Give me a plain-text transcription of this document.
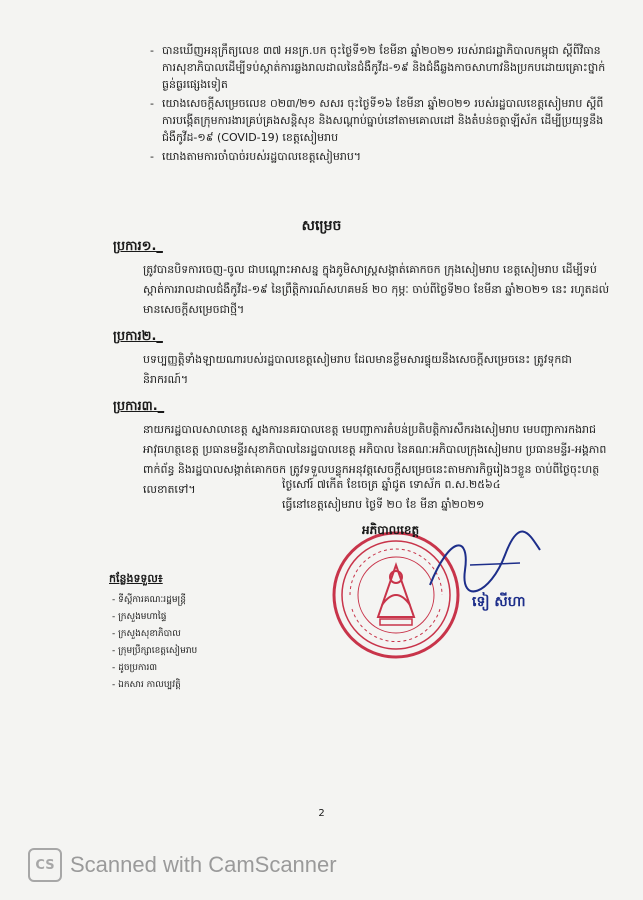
- បានឃើញអនុក្រឹត្យលេខ ៣៧ អនក្រ.បក ចុះថ្ងៃទី១២ ខែមីនា ឆ្នាំ២០២១ របស់រាជរដ្ឋាភិបាលកម្ពុជា ស្តីពីវិធានការសុខាភិបាលដើម្បីទប់ស្កាត់ការឆ្លងរាលដាលនៃជំងឺកូវីដ-១៩ និងជំងឺឆ្លងកាចសាហាវនិងប្រកបដោយគ្រោះថ្នាក់ធ្ងន់ធ្ងរផ្សេងទៀត
- យោងសេចក្តីសម្រេចលេខ ០២៣/២១ សសរ ចុះថ្ងៃទី១៦ ខែមីនា ឆ្នាំ២០២១ របស់រដ្ឋបាលខេត្តសៀមរាប ស្តីពីការបង្កើតក្រុមការងារគ្រប់គ្រងសន្តិសុខ និងសណ្តាប់ធ្នាប់នៅតាមគោលដៅ និងតំបន់ចត្តាឡីស័ក ដើម្បីប្រយុទ្ធនឹងជំងឺកូវីដ-១៩ (COVID-19) ខេត្តសៀមរាប
- យោងតាមការចាំបាច់របស់រដ្ឋបាលខេត្តសៀមរាប។
សម្រេច
ប្រការ១._
ត្រូវបានបិទការចេញ-ចូល ជាបណ្តោះអាសន្ន ក្នុងភូមិសាស្ត្រសង្កាត់គោកចក ក្រុងសៀមរាប ខេត្តសៀមរាប ដើម្បីទប់ស្កាត់ការរាលដាលជំងឺកូវីដ-១៩ នៃព្រឹត្តិការណ៍សហគមន៍ ២០ កុម្ភៈ ចាប់ពីថ្ងៃទី២០ ខែមីនា ឆ្នាំ២០២១ នេះ រហូតដល់មានសេចក្តីសម្រេចជាថ្មី។
ប្រការ២._
បទប្បញ្ញត្តិទាំងឡាយណារបស់រដ្ឋបាលខេត្តសៀមរាប ដែលមានខ្លឹមសារផ្ទុយនឹងសេចក្តីសម្រេចនេះ ត្រូវទុកជានិរាករណ៍។
ប្រការ៣._
នាយករដ្ឋបាលសាលាខេត្ត ស្នងការនគរបាលខេត្ត មេបញ្ជាការតំបន់ប្រតិបត្តិការសឹករងសៀមរាប មេបញ្ជាការកងរាជអាវុធហត្ថខេត្ត ប្រធានមន្ទីរសុខាភិបាលនៃរដ្ឋបាលខេត្ត អភិបាល នៃគណៈអភិបាលក្រុងសៀមរាប ប្រធានមន្ទីរ-អង្គភាពពាក់ព័ន្ធ និងរដ្ឋបាលសង្កាត់គោកចក ត្រូវទទួលបន្ទុកអនុវត្តសេចក្តីសម្រេចនេះតាមភារកិច្ចរៀងៗខ្លួន ចាប់ពីថ្ងៃចុះហត្ថលេខាតទៅ។	ថ្ងៃសៅរ៍ ៧កើត ខែចេត្រ ឆ្នាំជូត ទោស័ក ព.ស.២៥៦៤
ធ្វើនៅខេត្តសៀមរាប ថ្ងៃទី ២០ ខែ មីនា ឆ្នាំ២០២១
អភិបាលខេត្ត
ទៀ សីហា
កន្លែងទទួល៖
- ទីស្តីការគណៈរដ្ឋមន្ត្រី
- ក្រសួងមហាផ្ទៃ
- ក្រសួងសុខាភិបាល
- ក្រុមប្រឹក្សាខេត្តសៀមរាប
- ដូចប្រការ៣
- ឯកសារ កាលប្បវត្តិ
2
CS Scanned with CamScanner
